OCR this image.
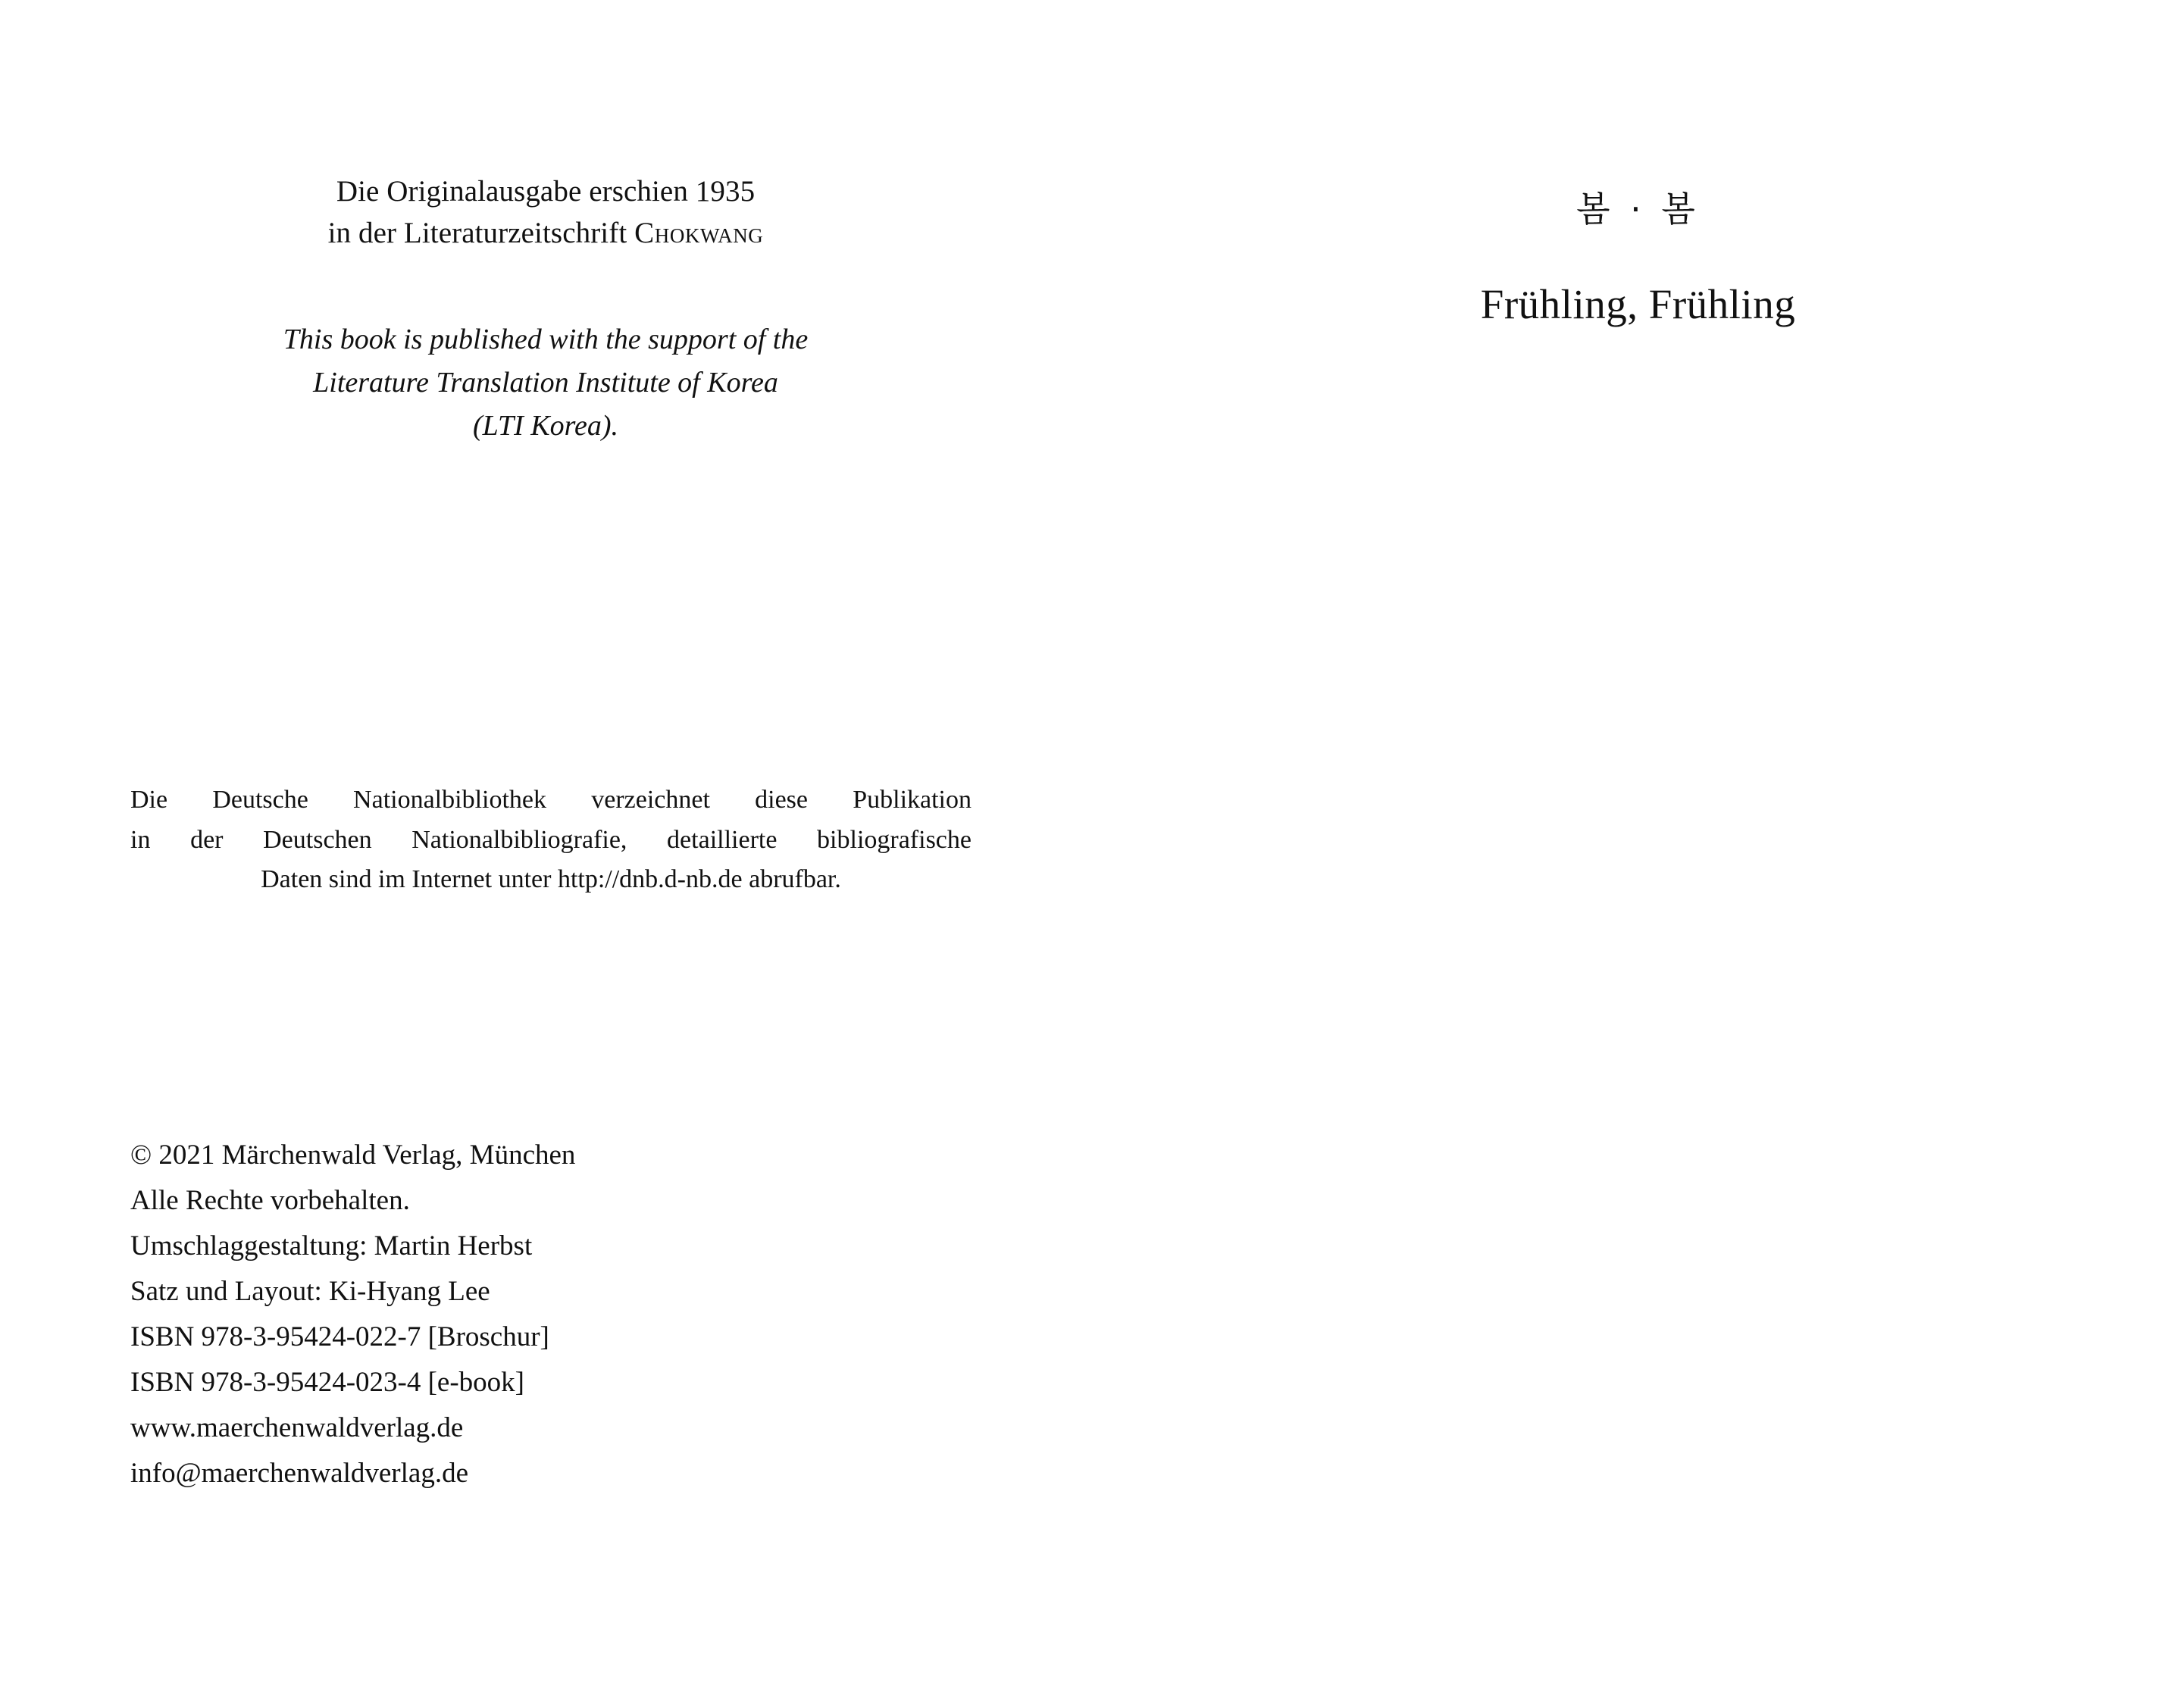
Die Originalausgabe erschien 1935
in der Literaturzeitschrift Chokwang
This book is published with the support of the
Literature Translation Institute of Korea
(LTI Korea).
Die Deutsche Nationalbibliothek verzeichnet diese Publikation
in der Deutschen Nationalbibliografie, detaillierte bibliografische
Daten sind im Internet unter http://dnb.d-nb.de abrufbar.
© 2021 Märchenwald Verlag, München
Alle Rechte vorbehalten.
Umschlaggestaltung: Martin Herbst
Satz und Layout: Ki-Hyang Lee
ISBN 978-3-95424-022-7 [Broschur]
ISBN 978-3-95424-023-4 [e-book]
www.maerchenwaldverlag.de
info@maerchenwaldverlag.de
봄 · 봄
Frühling, Frühling
